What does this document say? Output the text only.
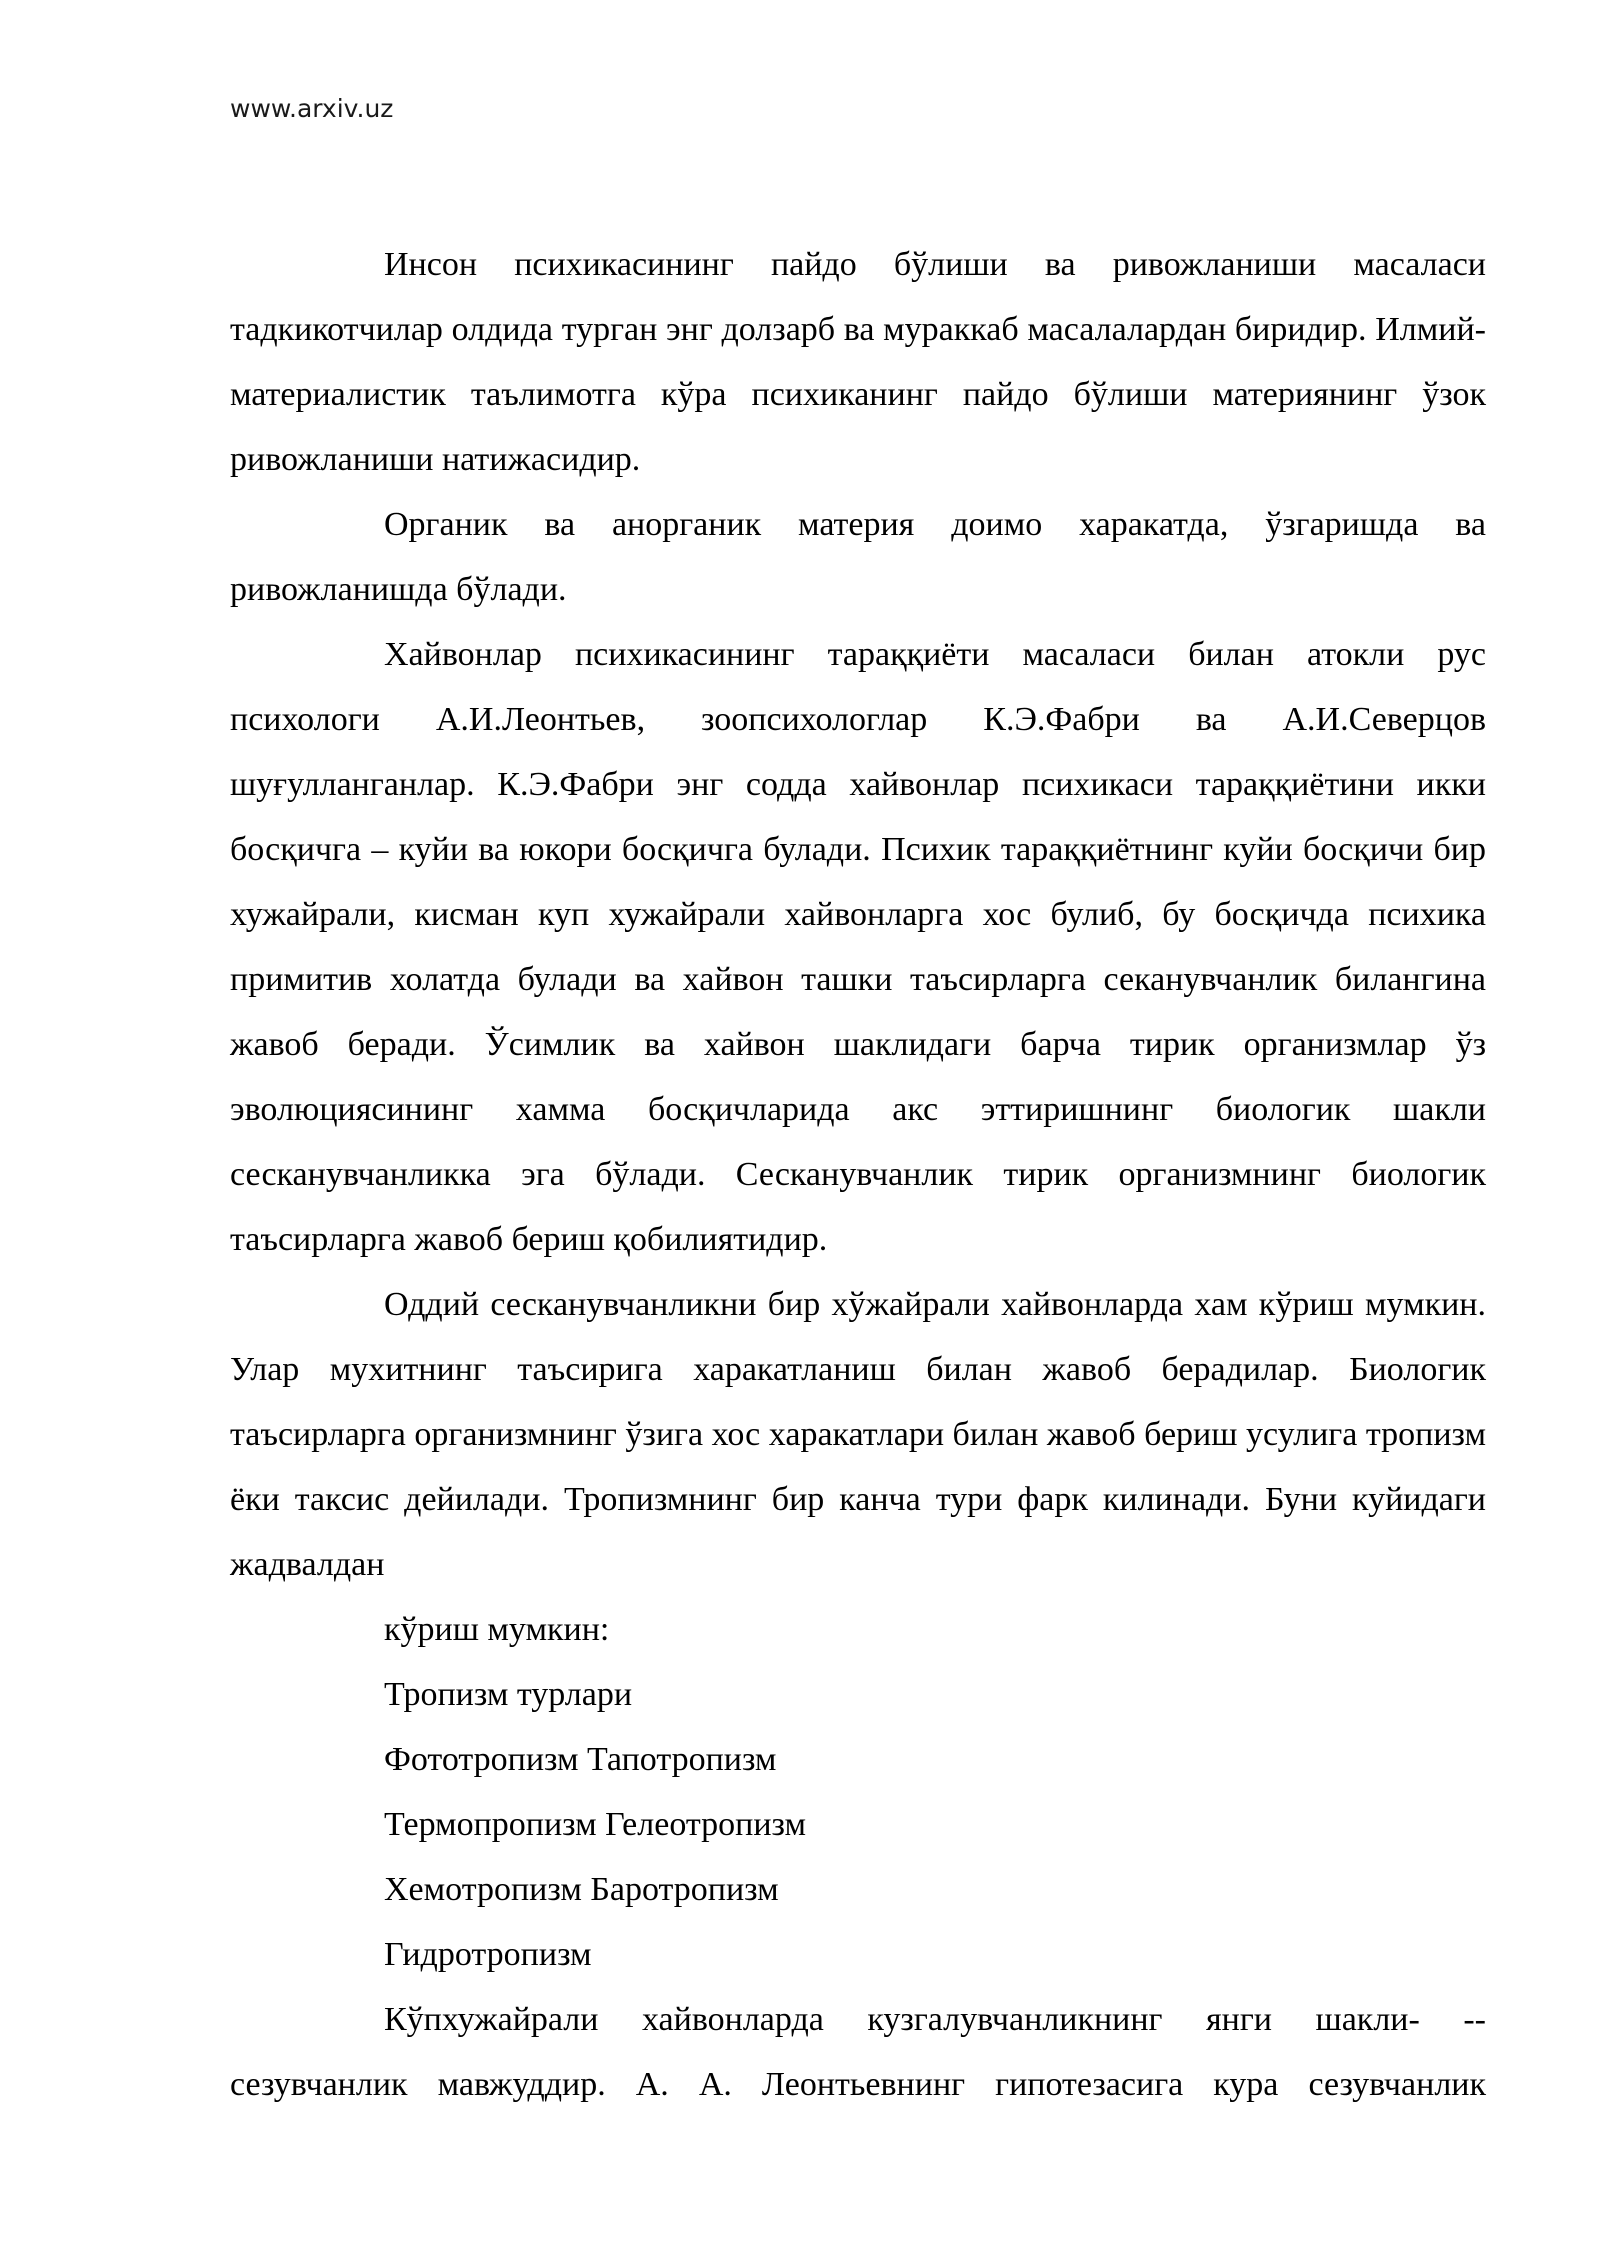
www.arxiv.uz

Инсон психикасининг пайдо бўлиши ва ривожланиши масаласи тадкикотчилар олдида турган энг долзарб ва мураккаб масалалардан биридир. Илмий- материалистик таълимотга кўра психиканинг пайдо бўлиши материянинг ўзок ривожланиши натижасидир.

Органик ва анорганик материя доимо харакатда, ўзгаришда ва ривожланишда бўлади.

Хайвонлар психикасининг тараққиёти масаласи билан атокли рус психологи А.И.Леонтьев, зоопсихологлар К.Э.Фабри ва А.И.Северцов шуғулланганлар. К.Э.Фабри энг содда хайвонлар психикаси тараққиётини икки босқичга – куйи ва юкори босқичга булади. Психик тараққиётнинг куйи босқичи бир хужайрали, кисман куп хужайрали хайвонларга хос булиб, бу босқичда психика примитив холатда булади ва хайвон ташки таъсирларга секанувчанлик билангина жавоб беради. Ўсимлик ва хайвон шаклидаги барча тирик организмлар ўз эволюциясининг хамма босқичларида акс эттиришнинг биологик шакли сесканувчанликка эга бўлади. Сесканувчанлик тирик организмнинг биологик таъсирларга жавоб бериш қобилиятидир.

Оддий сесканувчанликни бир хўжайрали хайвонларда хам кўриш мумкин. Улар мухитнинг таъсирига харакатланиш билан жавоб берадилар. Биологик таъсирларга организмнинг ўзига хос харакатлари билан жавоб бериш усулига тропизм ёки таксис дейилади. Тропизмнинг бир канча тури фарк килинади. Буни куйидаги жадвалдан

кўриш мумкин:

Тропизм турлари

Фототропизм Тапотропизм

Термопропизм Гелеотропизм

Хемотропизм Баротропизм

Гидротропизм

Кўпхужайрали хайвонларда кузгалувчанликнинг янги шакли- -- сезувчанлик мавжуддир. А. А. Леонтьевнинг гипотезасига кура сезувчанлик
